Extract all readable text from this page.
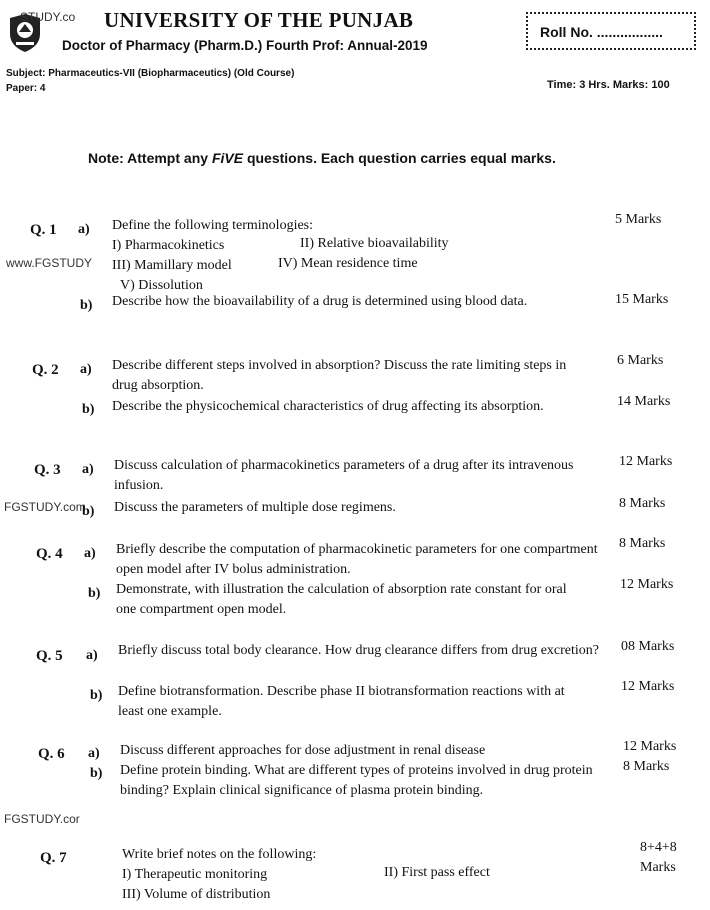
STUDY.co UNIVERSITY OF THE PUNJAB
Doctor of Pharmacy (Pharm.D.) Fourth Prof: Annual-2019
Roll No. .................
Subject: Pharmaceutics-VII (Biopharmaceutics) (Old Course)
Paper: 4	Time: 3 Hrs. Marks: 100
Note: Attempt any FiVE questions. Each question carries equal marks.
Q. 1 a) Define the following terminologies:
I) Pharmacokinetics	II) Relative bioavailability
www.FGSTUDY III) Mamillary model	IV) Mean residence time
V) Dissolution
5 Marks
b) Describe how the bioavailability of a drug is determined using blood data.	15 Marks
Q. 2 a) Describe different steps involved in absorption? Discuss the rate limiting steps in drug absorption.
6 Marks
b) Describe the physicochemical characteristics of drug affecting its absorption.	14 Marks
Q. 3 a) Discuss calculation of pharmacokinetics parameters of a drug after its intravenous infusion.
12 Marks
FGSTUDY.com
b) Discuss the parameters of multiple dose regimens.	8 Marks
Q. 4 a) Briefly describe the computation of pharmacokinetic parameters for one compartment open model after IV bolus administration.
8 Marks
b) Demonstrate, with illustration the calculation of absorption rate constant for oral one compartment open model.
12 Marks
Q. 5 a) Briefly discuss total body clearance. How drug clearance differs from drug excretion?	08 Marks
b) Define biotransformation. Describe phase II biotransformation reactions with at least one example.
12 Marks
Q. 6 a) Discuss different approaches for dose adjustment in renal disease	12 Marks
b) Define protein binding. What are different types of proteins involved in drug protein binding? Explain clinical significance of plasma protein binding.
8 Marks
FGSTUDY.cor
Q. 7	Write brief notes on the following:
I) Therapeutic monitoring	II) First pass effect
III) Volume of distribution
8+4+8
Marks
